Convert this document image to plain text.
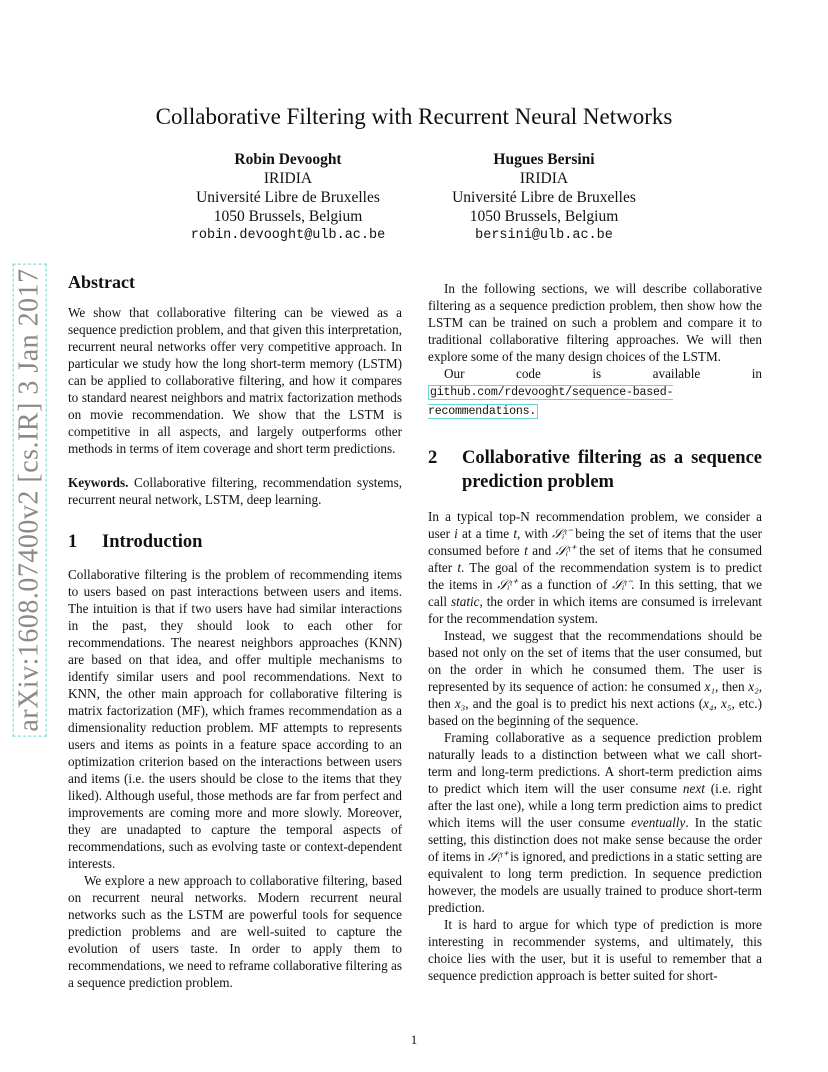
arXiv:1608.07400v2 [cs.IR] 3 Jan 2017
Collaborative Filtering with Recurrent Neural Networks
Robin Devooght
IRIDIA
Université Libre de Bruxelles
1050 Brussels, Belgium
robin.devooght@ulb.ac.be
Hugues Bersini
IRIDIA
Université Libre de Bruxelles
1050 Brussels, Belgium
bersini@ulb.ac.be
Abstract

We show that collaborative filtering can be viewed as a sequence prediction problem, and that given this interpretation, recurrent neural networks offer very competitive approach. In particular we study how the long short-term memory (LSTM) can be applied to collaborative filtering, and how it compares to standard nearest neighbors and matrix factorization methods on movie recommendation. We show that the LSTM is competitive in all aspects, and largely outperforms other methods in terms of item coverage and short term predictions.

Keywords. Collaborative filtering, recommendation systems, recurrent neural network, LSTM, deep learning.

1	Introduction

Collaborative filtering is the problem of recommending items to users based on past interactions between users and items. The intuition is that if two users have had similar interactions in the past, they should look to each other for recommendations. The nearest neighbors approaches (KNN) are based on that idea, and offer multiple mechanisms to identify similar users and pool recommendations. Next to KNN, the other main approach for collaborative filtering is matrix factorization (MF), which frames recommendation as a dimensionality reduction problem. MF attempts to represents users and items as points in a feature space according to an optimization criterion based on the interactions between users and items (i.e. the users should be close to the items that they liked). Although useful, those methods are far from perfect and improvements are coming more and more slowly. Moreover, they are unadapted to capture the temporal aspects of recommendations, such as evolving taste or context-dependent interests.

We explore a new approach to collaborative filtering, based on recurrent neural networks. Modern recurrent neural networks such as the LSTM are powerful tools for sequence prediction problems and are well-suited to capture the evolution of users taste. In order to apply them to recommendations, we need to reframe collaborative filtering as a sequence prediction problem.

In the following sections, we will describe collaborative filtering as a sequence prediction problem, then show how the LSTM can be trained on such a problem and compare it to traditional collaborative filtering approaches. We will then explore some of the many design choices of the LSTM.

Our	code	is	available	in

github.com/rdevooght/sequence-based-recommendations.

2	Collaborative filtering as a sequence prediction problem

In a typical top-N recommendation problem, we consider a user i at a time t, with 𝒮ᵢᵗ⁻ being the set of items that the user consumed before t and 𝒮ᵢᵗ⁺ the set of items that he consumed after t. The goal of the recommendation system is to predict the items in 𝒮ᵢᵗ⁺ as a function of 𝒮ᵢᵗ⁻. In this setting, that we call static, the order in which items are consumed is irrelevant for the recommendation system.

Instead, we suggest that the recommendations should be based not only on the set of items that the user consumed, but on the order in which he consumed them. The user is represented by its sequence of action: he consumed x₁, then x₂, then x₃, and the goal is to predict his next actions (x₄, x₅, etc.) based on the beginning of the sequence.

Framing collaborative as a sequence prediction problem naturally leads to a distinction between what we call short-term and long-term predictions. A short-term prediction aims to predict which item will the user consume next (i.e. right after the last one), while a long term prediction aims to predict which items will the user consume eventually. In the static setting, this distinction does not make sense because the order of items in 𝒮ᵢᵗ⁺ is ignored, and predictions in a static setting are equivalent to long term prediction. In sequence prediction however, the models are usually trained to produce short-term prediction.

It is hard to argue for which type of prediction is more interesting in recommender systems, and ultimately, this choice lies with the user, but it is useful to remember that a sequence prediction approach is better suited for short-

1
